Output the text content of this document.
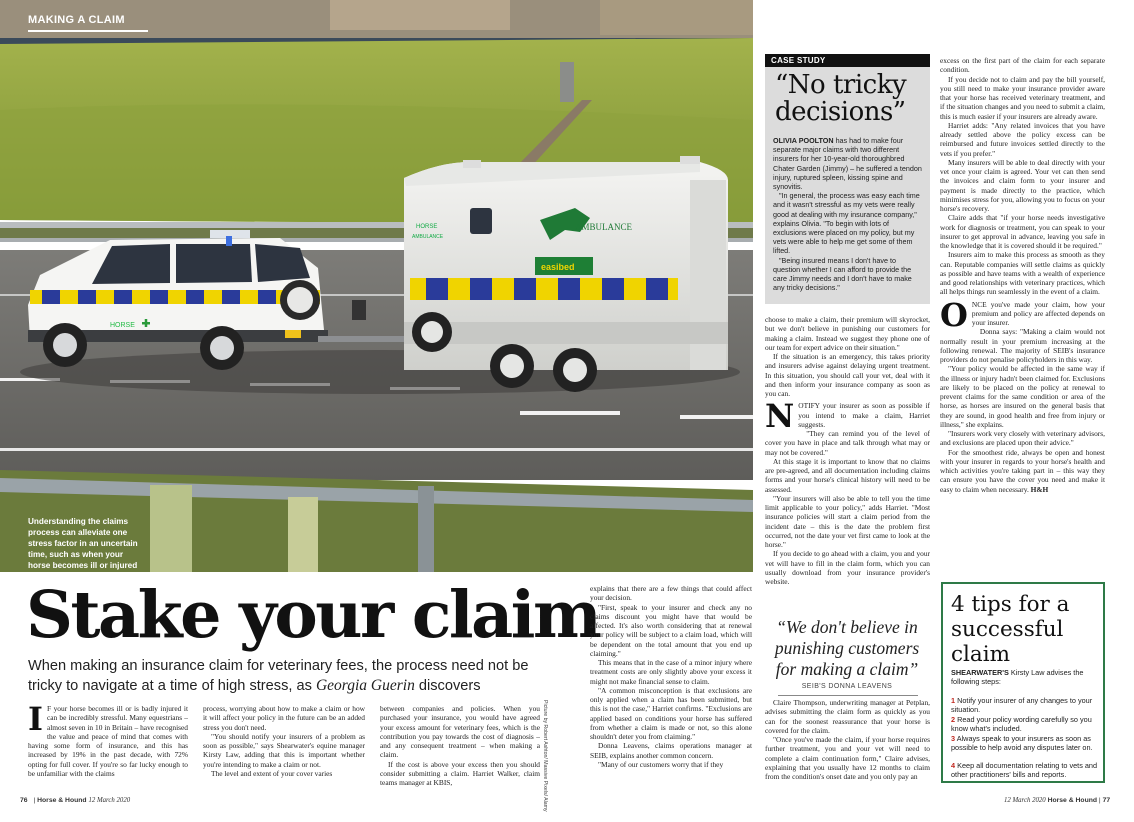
HORSE
AMBULANCE
HORSE
AMBULANCE
easibed
MAKING A CLAIM
Understanding the claims process can alleviate one stress factor in an uncertain time, such as when your horse becomes ill or injured
Stake your claim
When making an insurance claim for veterinary fees, the process need not be tricky to navigate at a time of high stress, as Georgia Guerin discovers

I F your horse becomes ill or is badly injured it can be incredibly stressful. Many equestrians – almost seven in 10 in Britain – have recognised the value and peace of mind that comes with having some form of insurance, and this has increased by 19% in the past decade, with 72% opting for full cover. If you're so far lucky enough to be unfamiliar with the claims

process, worrying about how to make a claim or how it will affect your policy in the future can be an added stress you don't need.

"You should notify your insurers of a problem as soon as possible," says Shearwater's equine manager Kirsty Law, adding that this is important whether you're intending to make a claim or not.

The level and extent of your cover varies

between companies and policies. When you purchased your insurance, you would have agreed your excess amount for veterinary fees, which is the contribution you pay towards the cost of diagnosis – and any consequent treatment – when making a claim.

If the cost is above your excess then you should consider submitting a claim. Harriet Walker, claim teams manager at KBIS,	Picture by Robert Ashton/ Massive Pixels/ Alamy

explains that there are a few things that could affect your decision.

"First, speak to your insurer and check any no claims discount you might have that would be affected. It's also worth considering that at renewal your policy will be subject to a claim load, which will be dependent on the total amount that you end up claiming."

This means that in the case of a minor injury where treatment costs are only slightly above your excess it might not make financial sense to claim.

"A common misconception is that exclusions are only applied when a claim has been submitted, but this is not the case," Harriet confirms. "Exclusions are applied based on conditions your horse has suffered from whether a claim is made or not, so this alone shouldn't deter you from claiming."

Donna Leavens, claims operations manager at SEIB, explains another common concern.

"Many of our customers worry that if they

choose to make a claim, their premium will skyrocket, but we don't believe in punishing our customers for making a claim. Instead we suggest they phone one of our team for expert advice on their situation."

If the situation is an emergency, this takes priority and insurers advise against delaying urgent treatment. In this situation, you should call your vet, deal with it and then inform your insurance company as soon as you can.

NOTIFY your insurer as soon as possible if you intend to make a claim, Harriet suggests.

"They can remind you of the level of cover you have in place and talk through what may or may not be covered."

At this stage it is important to know that no claims are pre-agreed, and all documentation including claims forms and your horse's clinical history will need to be assessed.

"Your insurers will also be able to tell you the time limit applicable to your policy," adds Harriet. "Most insurance policies will start a claim period from the incident date – this is the date the problem first occurred, not the date your vet first came to look at the horse."

If you decide to go ahead with a claim, you and your vet will have to fill in the claim form, which you can usually download from your insurance provider's website.

“We don't believe in punishing customers for making a claim”
SEIB'S DONNA LEAVENS

Claire Thompson, underwriting manager at Petplan, advises submitting the claim form as quickly as you can for the soonest reassurance that your horse is covered for the claim.

"Once you've made the claim, if your horse requires further treatment, you and your vet will need to complete a claim continuation form," Claire advises, explaining that you usually have 12 months to claim from the condition's onset date and you only pay an

excess on the first part of the claim for each separate condition.

If you decide not to claim and pay the bill yourself, you still need to make your insurance provider aware that your horse has received veterinary treatment, and if the situation changes and you need to submit a claim, this is much easier if your insurers are already aware.

Harriet adds: "Any related invoices that you have already settled above the policy excess can be reimbursed and future invoices settled directly to the vets if you prefer."

Many insurers will be able to deal directly with your vet once your claim is agreed. Your vet can then send the invoices and claim form to your insurer and payment is made directly to the practice, which minimises stress for you, allowing you to focus on your horse's recovery.

Claire adds that "if your horse needs investigative work for diagnosis or treatment, you can speak to your insurer to get approval in advance, leaving you safe in the knowledge that it is covered should it be required."

Insurers aim to make this process as smooth as they can. Reputable companies will settle claims as quickly as possible and have teams with a wealth of experience and good relationships with veterinary practices, which all helps things run seamlessly in the event of a claim.

ONCE you've made your claim, how your premium and policy are affected depends on your insurer.

Donna says: "Making a claim would not normally result in your premium increasing at the following renewal. The majority of SEIB's insurance providers do not penalise policyholders in this way.

"Your policy would be affected in the same way if the illness or injury hadn't been claimed for. Exclusions are likely to be placed on the policy at renewal to prevent claims for the same condition or area of the horse, as horses are insured on the general basis that they are sound, in good health and free from injury or illness," she explains.

"Insurers work very closely with veterinary advisors, and exclusions are placed upon their advice."

For the smoothest ride, always be open and honest with your insurer in regards to your horse's health and which activities you're taking part in – this way they can ensure you have the cover you need and make it easy to claim when necessary. H&H

CASE STUDY
“No tricky decisions”

OLIVIA POOLTON has had to make four separate major claims with two different insurers for her 10-year-old thoroughbred Chater Garden (Jimmy) – he suffered a tendon injury, ruptured spleen, kissing spine and synovitis.

"In general, the process was easy each time and it wasn't stressful as my vets were really good at dealing with my insurance company," explains Olivia. "To begin with lots of exclusions were placed on my policy, but my vets were able to help me get some of them lifted.

"Being insured means I don't have to question whether I can afford to provide the care Jimmy needs and I don't have to make any tricky decisions."

4 tips for a successful claim
SHEARWATER'S Kirsty Law advises the following steps:
1 Notify your insurer of any changes to your situation.
2 Read your policy wording carefully so you know what's included.
3 Always speak to your insurers as soon as possible to help avoid any disputes later on.
4 Keep all documentation relating to vets and other practitioners' bills and reports.
76 | Horse & Hound 12 March 2020	12 March 2020 Horse & Hound | 77
